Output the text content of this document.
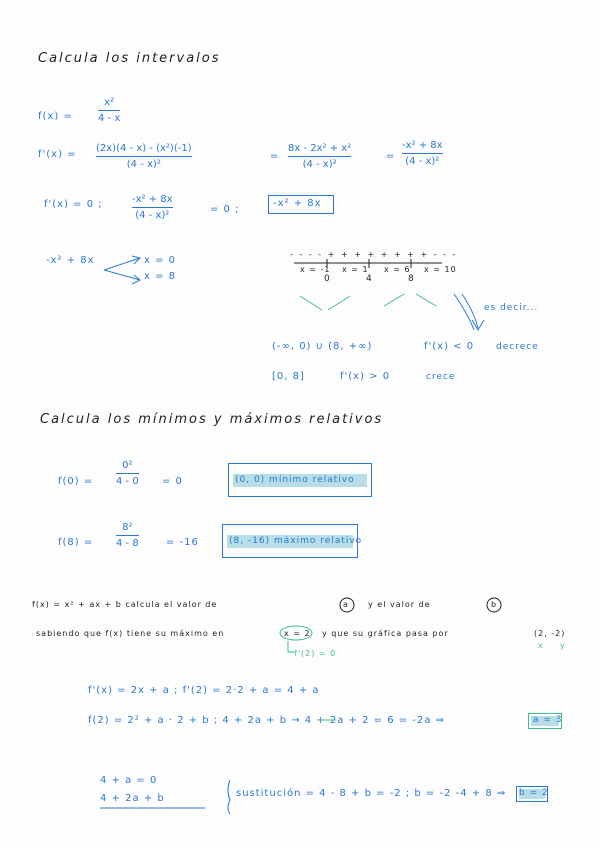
Calcula los intervalos
f(x) =
x²
4 - x
f'(x) =
(2x)(4 - x) - (x²)(-1)
(4 - x)²
=
8x - 2x² + x²
(4 - x)²
=
-x² + 8x
(4 - x)²
f'(x) = 0 ;	-x² + 8x
(4 - x)²
= 0 ;
-x² + 8x
-x² + 8x	x = 0
x = 8
- - - - + + + + + + + + - - -
x = -1 x = 1 x = 6 x = 10
0	4	8
es decir...
(-∞, 0) ∪ (8, +∞)	f'(x) < 0 decrece
[0, 8]	f'(x) > 0	crece
Calcula los mínimos y máximos relativos
f(0) =
0²
4 - 0 = 0	(0, 0) mínimo relativo
f(8) =
8²
4 - 8	= -16	(8, -16) máximo relativo
f(x) = x² + ax + b calcula el valor de	a y el valor de	b
sabiendo que f(x) tiene su máximo en	x = 2 y que su gráfica pasa por	(2, -2)
x y
f'(2) = 0
f'(x) = 2x + a ; f'(2) = 2·2 + a = 4 + a
f(2) = 2² + a · 2 + b ; 4 + 2a + b → 4 + 2a + 2 = 6 = -2a ⇒	a = 3
4 + a = 0
4 + 2a + b	sustitución = 4 - 8 + b = -2 ; b = -2 -4 + 8 ⇒ b = 2
